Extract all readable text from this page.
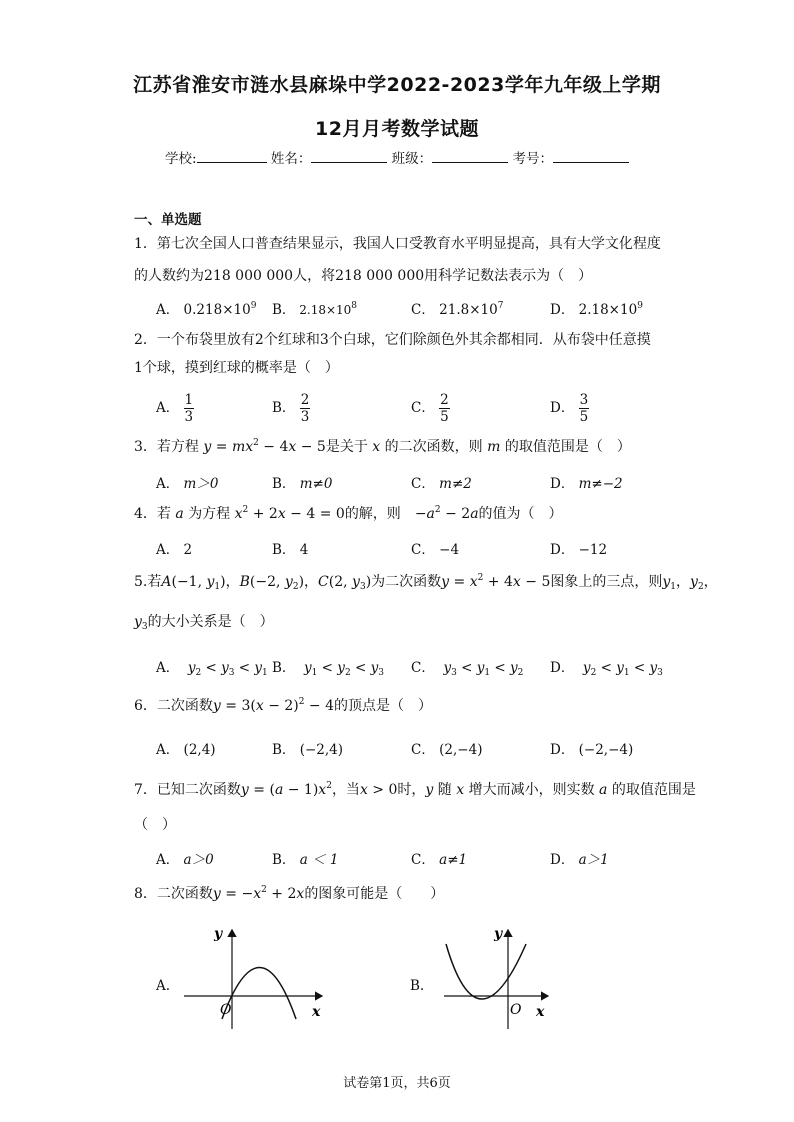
江苏省淮安市涟水县麻垛中学2022-2023学年九年级上学期
12月月考数学试题
学校:	姓名：	班级：	考号：
一、单选题
1．第七次全国人口普查结果显示，我国人口受教育水平明显提高，具有大学文化程度
的人数约为218 000 000人，将218 000 000用科学记数法表示为（　）
A． $0.218\times 10^9$ B． $2.18\times 10^8$	C． $21.8\times 10^7$	D． $2.18\times 10^9$
2．一个布袋里放有2个红球和3个白球，它们除颜色外其余都相同．从布袋中任意摸
1个球，摸到红球的概率是（　）
A． $\frac{1}{3}$	B． $\frac{2}{3}$	C． $\frac{2}{5}$	D． $\frac{3}{5}$
3．若方程 $y = mx^2 - 4x - 5$是关于 x 的二次函数，则 m 的取值范围是（　）
A． m＞0	B． m≠0	C． m≠2	D． m≠−2
4．若 a 为方程 $x^2 + 2x - 4 = 0$的解，则　 $-a^2 - 2a$的值为（　）
A． 2	B． 4	C． −4	D． −12
5.若A(−1, $y_1$)，B(−2, $y_2$)，C(2, $y_3$)为二次函数$y = x^2 + 4x - 5$图象上的三点，则$y_1$，$y_2$，
$y_3$的大小关系是（　）
A． $y_2 < y_3 < y_1$ B． $y_1 < y_2 < y_3$ C． $y_3 < y_1 < y_2$ D． $y_2 < y_1 < y_3$
6．二次函数$y = 3(x - 2)^2 - 4$的顶点是（　）
A． (2,4)	B． (−2,4)	C． (2,−4)	D． (−2,−4)
7．已知二次函数$y = (a - 1)x^2$，当x > 0时，y 随 x 增大而减小，则实数 a 的取值范围是
（　）
A． a＞0	B． a ＜ 1	C． a≠1	D． a＞1
8．二次函数$y = -x^2 + 2x$的图象可能是（　　）
A.
y
x
O
B.
y
x
O
试卷第1页，共6页
